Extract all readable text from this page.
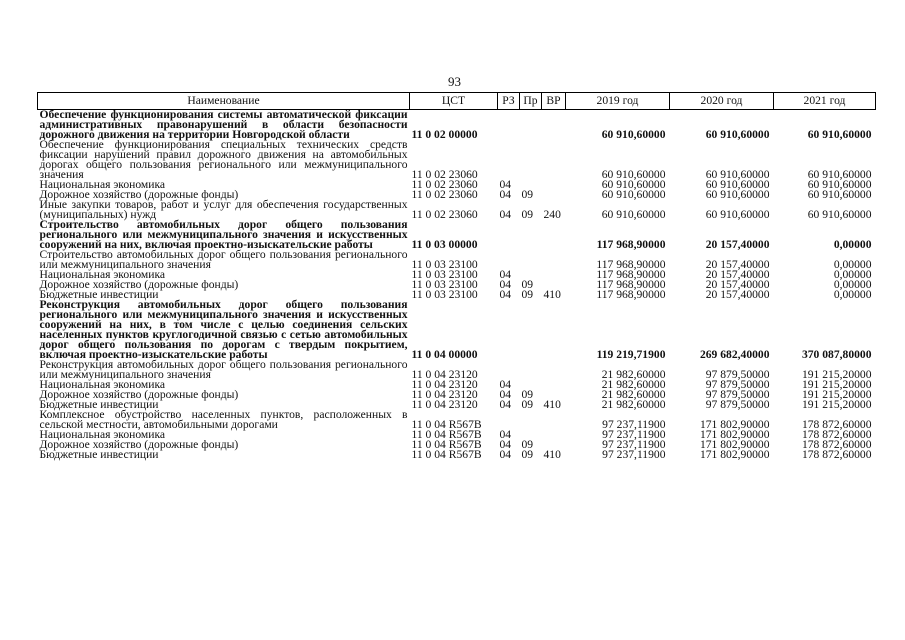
93
Наименование	ЦСТ	РЗ	Пр	ВР	2019 год	2020 год	2021 год
Обеспечение функционирования системы автоматической фиксации административных правонарушений в области безопасности дорожного движения на территории Новгородской области	11 0 02 00000				60 910,60000	60 910,60000	60 910,60000
Обеспечение функционирования специальных технических средств фиксации нарушений правил дорожного движения на автомобильных дорогах общего пользования регионального или межмуниципального значения	11 0 02 23060				60 910,60000	60 910,60000	60 910,60000
Национальная экономика	11 0 02 23060	04			60 910,60000	60 910,60000	60 910,60000
Дорожное хозяйство (дорожные фонды)	11 0 02 23060	04	09		60 910,60000	60 910,60000	60 910,60000
Иные закупки товаров, работ и услуг для обеспечения государственных (муниципальных) нужд	11 0 02 23060	04	09	240	60 910,60000	60 910,60000	60 910,60000
Строительство автомобильных дорог общего пользования регионального или межмуниципального значения и искусственных сооружений на них, включая проектно-изыскательские работы	11 0 03 00000				117 968,90000	20 157,40000	0,00000
Строительство автомобильных дорог общего пользования регионального или межмуниципального значения	11 0 03 23100				117 968,90000	20 157,40000	0,00000
Национальная экономика	11 0 03 23100	04			117 968,90000	20 157,40000	0,00000
Дорожное хозяйство (дорожные фонды)	11 0 03 23100	04	09		117 968,90000	20 157,40000	0,00000
Бюджетные инвестиции	11 0 03 23100	04	09	410	117 968,90000	20 157,40000	0,00000
Реконструкция автомобильных дорог общего пользования регионального или межмуниципального значения и искусственных сооружений на них, в том числе с целью соединения сельских населенных пунктов круглогодичной связью с сетью автомобильных дорог общего пользования по дорогам с твердым покрытием, включая проектно-изыскательские работы	11 0 04 00000				119 219,71900	269 682,40000	370 087,80000
Реконструкция автомобильных дорог общего пользования регионального или межмуниципального значения	11 0 04 23120				21 982,60000	97 879,50000	191 215,20000
Национальная экономика	11 0 04 23120	04			21 982,60000	97 879,50000	191 215,20000
Дорожное хозяйство (дорожные фонды)	11 0 04 23120	04	09		21 982,60000	97 879,50000	191 215,20000
Бюджетные инвестиции	11 0 04 23120	04	09	410	21 982,60000	97 879,50000	191 215,20000
Комплексное обустройство населенных пунктов, расположенных в сельской местности, автомобильными дорогами	11 0 04 R567B				97 237,11900	171 802,90000	178 872,60000
Национальная экономика	11 0 04 R567B	04			97 237,11900	171 802,90000	178 872,60000
Дорожное хозяйство (дорожные фонды)	11 0 04 R567B	04	09		97 237,11900	171 802,90000	178 872,60000
Бюджетные инвестиции	11 0 04 R567B	04	09	410	97 237,11900	171 802,90000	178 872,60000
